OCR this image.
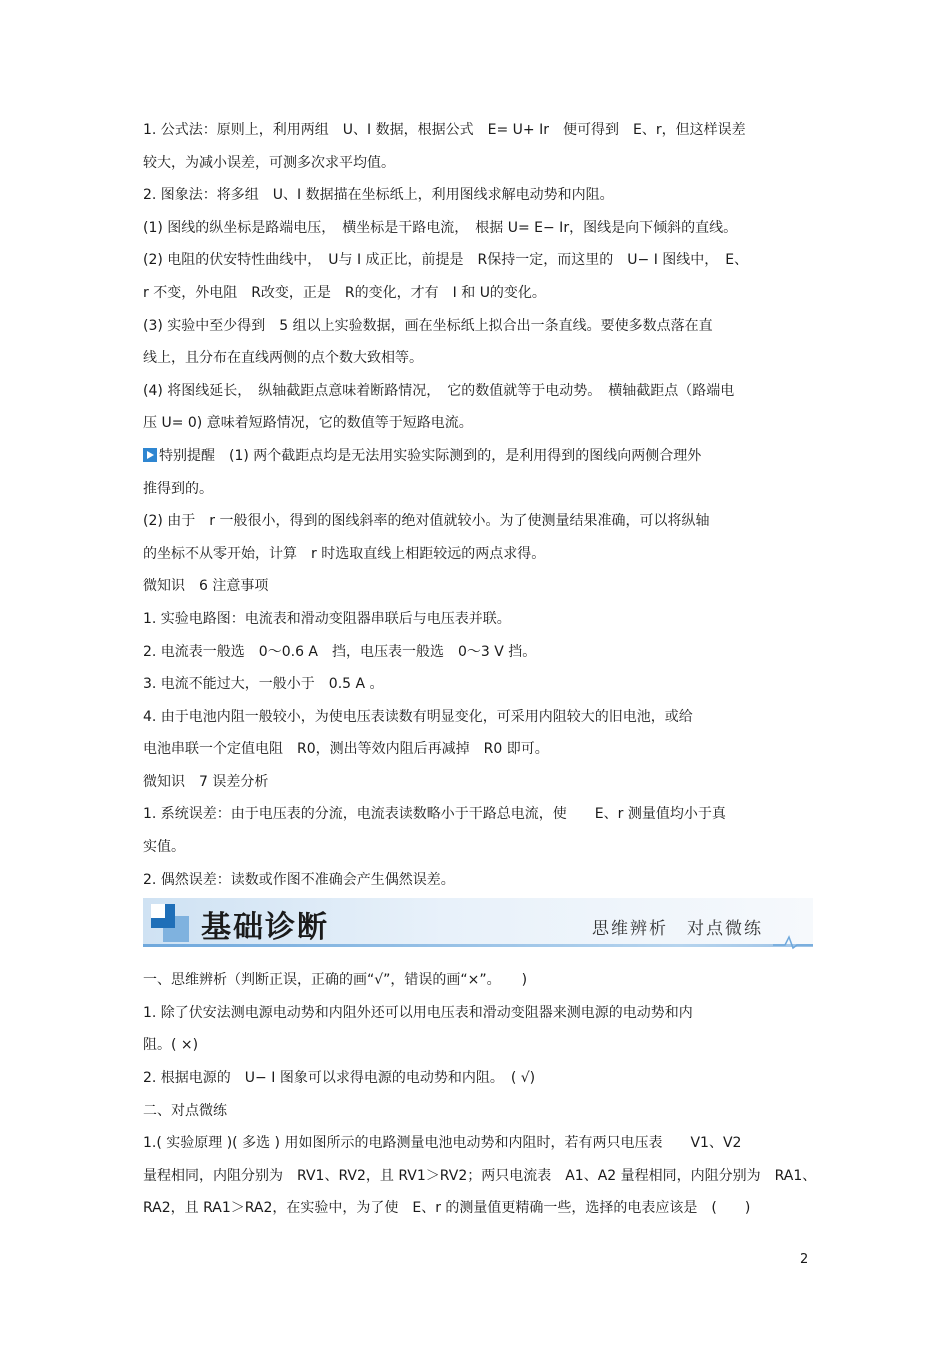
1. 公式法：原则上，利用两组　U、I 数据，根据公式　E= U+ Ir　便可得到　E、r，但这样误差
较大，为减小误差，可测多次求平均值。
2. 图象法：将多组　U、I 数据描在坐标纸上，利用图线求解电动势和内阻。
(1) 图线的纵坐标是路端电压，　横坐标是干路电流，　根据 U= E− Ir，图线是向下倾斜的直线。
(2) 电阻的伏安特性曲线中，　U与 I 成正比，前提是　R保持一定，而这里的　U− I 图线中，　E、
r 不变，外电阻　R改变，正是　R的变化，才有　I 和 U的变化。
(3) 实验中至少得到　5 组以上实验数据，画在坐标纸上拟合出一条直线。要使多数点落在直
线上，且分布在直线两侧的点个数大致相等。
(4) 将图线延长，　纵轴截距点意味着断路情况，　它的数值就等于电动势。　横轴截距点（路端电
压 U= 0) 意味着短路情况，它的数值等于短路电流。
特别提醒　(1) 两个截距点均是无法用实验实际测到的，是利用得到的图线向两侧合理外
推得到的。
(2) 由于　r 一般很小，得到的图线斜率的绝对值就较小。为了使测量结果准确，可以将纵轴
的坐标不从零开始，计算　r 时选取直线上相距较远的两点求得。
微知识　6 注意事项
1. 实验电路图：电流表和滑动变阻器串联后与电压表并联。
2. 电流表一般选　0～0.6 A　挡，电压表一般选　0～3 V 挡。
3. 电流不能过大，一般小于　0.5 A 。
4. 由于电池内阻一般较小，为使电压表读数有明显变化，可采用内阻较大的旧电池，或给
电池串联一个定值电阻　R0，测出等效内阻后再减掉　R0 即可。
微知识　7 误差分析
1. 系统误差：由于电压表的分流，电流表读数略小于干路总电流，使　　E、r 测量值均小于真
实值。
2. 偶然误差：读数或作图不准确会产生偶然误差。
基础诊断	思维辨析　对点微练
一、思维辨析（判断正误，正确的画“√”，错误的画“×”。　　)
1. 除了伏安法测电源电动势和内阻外还可以用电压表和滑动变阻器来测电源的电动势和内
阻。( ×)
2. 根据电源的　U− I 图象可以求得电源的电动势和内阻。　( √)
二、对点微练
1.( 实验原理 )( 多选 ) 用如图所示的电路测量电池电动势和内阻时，若有两只电压表　　V1、V2
量程相同，内阻分别为　RV1、RV2，且 RV1＞RV2；两只电流表　A1、A2 量程相同，内阻分别为　RA1、
RA2，且 RA1＞RA2，在实验中，为了使　E、r 的测量值更精确一些，选择的电表应该是　(　　)
2
